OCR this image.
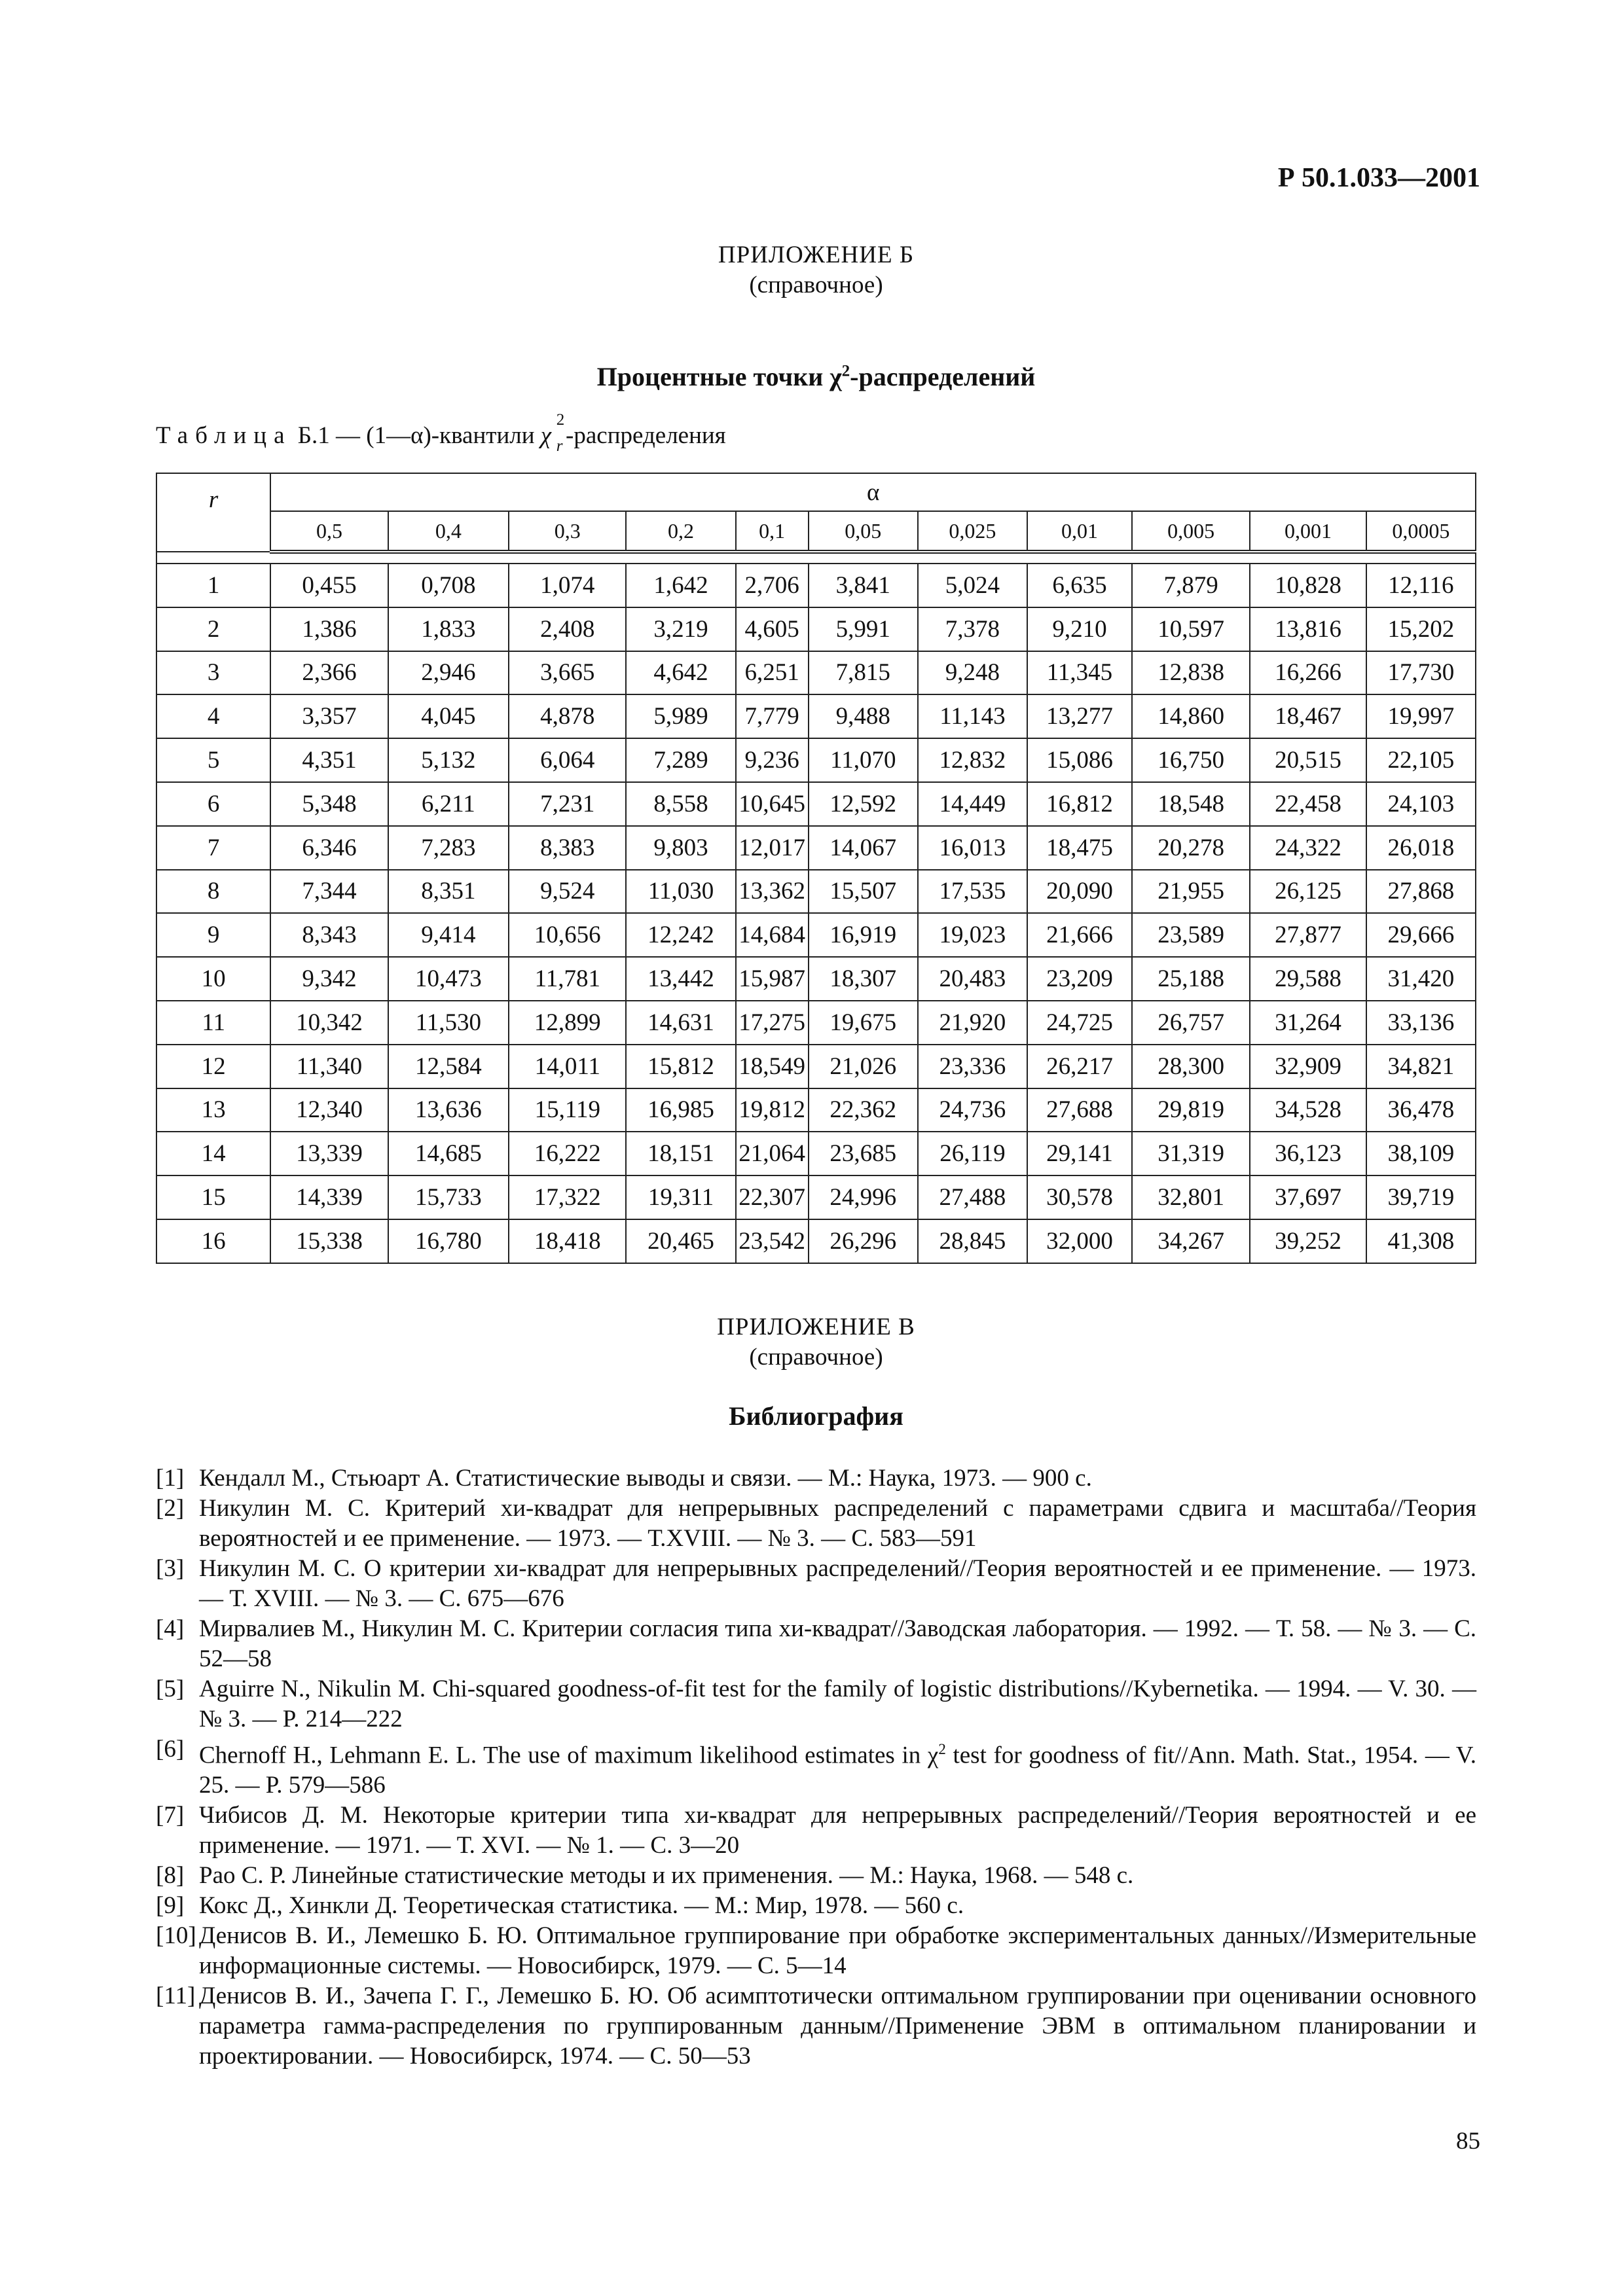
Р 50.1.033—2001
ПРИЛОЖЕНИЕ Б
(справочное)
Процентные точки $\chi^2$-распределений
Таблица Б.1 — (1—α)-квантили χ
2
r -распределения
r	α										
	0,5	0,4	0,3	0,2	0,1	0,05	0,025	0,01	0,005	0,001	0,0005

1	0,455	0,708	1,074	1,642	2,706	3,841	5,024	6,635	7,879	10,828	12,116
2	1,386	1,833	2,408	3,219	4,605	5,991	7,378	9,210	10,597	13,816	15,202
3	2,366	2,946	3,665	4,642	6,251	7,815	9,248	11,345	12,838	16,266	17,730
4	3,357	4,045	4,878	5,989	7,779	9,488	11,143	13,277	14,860	18,467	19,997
5	4,351	5,132	6,064	7,289	9,236	11,070	12,832	15,086	16,750	20,515	22,105
6	5,348	6,211	7,231	8,558	10,645	12,592	14,449	16,812	18,548	22,458	24,103
7	6,346	7,283	8,383	9,803	12,017	14,067	16,013	18,475	20,278	24,322	26,018
8	7,344	8,351	9,524	11,030	13,362	15,507	17,535	20,090	21,955	26,125	27,868
9	8,343	9,414	10,656	12,242	14,684	16,919	19,023	21,666	23,589	27,877	29,666
10	9,342	10,473	11,781	13,442	15,987	18,307	20,483	23,209	25,188	29,588	31,420
11	10,342	11,530	12,899	14,631	17,275	19,675	21,920	24,725	26,757	31,264	33,136
12	11,340	12,584	14,011	15,812	18,549	21,026	23,336	26,217	28,300	32,909	34,821
13	12,340	13,636	15,119	16,985	19,812	22,362	24,736	27,688	29,819	34,528	36,478
14	13,339	14,685	16,222	18,151	21,064	23,685	26,119	29,141	31,319	36,123	38,109
15	14,339	15,733	17,322	19,311	22,307	24,996	27,488	30,578	32,801	37,697	39,719
16	15,338	16,780	18,418	20,465	23,542	26,296	28,845	32,000	34,267	39,252	41,308
ПРИЛОЖЕНИЕ В
(справочное)
Библиография
[1] Кендалл М., Стьюарт А. Статистические выводы и связи. — М.: Наука, 1973. — 900 с.
[2] Никулин М. С. Критерий хи-квадрат для непрерывных распределений с параметрами сдвига и масштаба//Теория вероятностей и ее применение. — 1973. — Т.XVIII. — № 3. — С. 583—591
[3] Никулин М. С. О критерии хи-квадрат для непрерывных распределений//Теория вероятностей и ее применение. — 1973. — Т. XVIII. — № 3. — С. 675—676
[4] Мирвалиев М., Никулин М. С. Критерии согласия типа хи-квадрат//Заводская лаборатория. — 1992. — Т. 58. — № 3. — С. 52—58
[5] Aguirre N., Nikulin M. Chi-squared goodness-of-fit test for the family of logistic distributions//Kybernetika. — 1994. — V. 30. — № 3. — P. 214—222
[6] Chernoff H., Lehmann E. L. The use of maximum likelihood estimates in $\chi^2$ test for goodness of fit//Ann. Math. Stat., 1954. — V. 25. — P. 579—586
[7] Чибисов Д. М. Некоторые критерии типа хи-квадрат для непрерывных распределений//Теория вероятностей и ее применение. — 1971. — Т. XVI. — № 1. — С. 3—20
[8] Рао С. Р. Линейные статистические методы и их применения. — М.: Наука, 1968. — 548 с.
[9] Кокс Д., Хинкли Д. Теоретическая статистика. — М.: Мир, 1978. — 560 с.
[10] Денисов В. И., Лемешко Б. Ю. Оптимальное группирование при обработке экспериментальных данных//Измерительные информационные системы. — Новосибирск, 1979. — С. 5—14
[11] Денисов В. И., Зачепа Г. Г., Лемешко Б. Ю. Об асимптотически оптимальном группировании при оценивании основного параметра гамма-распределения по группированным данным//Применение ЭВМ в оптимальном планировании и проектировании. — Новосибирск, 1974. — С. 50—53
85
